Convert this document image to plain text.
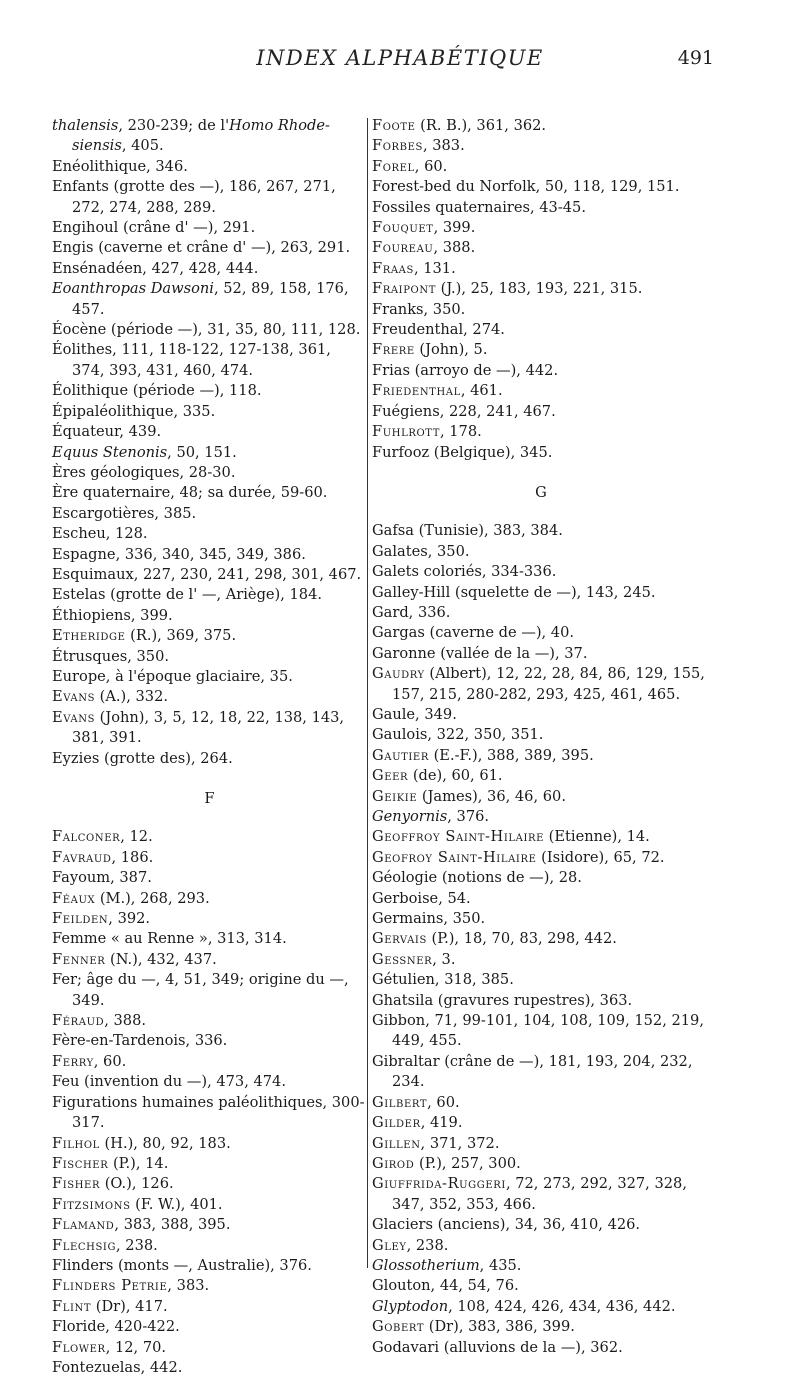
INDEX ALPHABÉTIQUE	491
thalensis, 230-239; de l'Homo Rhode-siensis, 405.
Enéolithique, 346.
Enfants (grotte des —), 186, 267, 271, 272, 274, 288, 289.
Engihoul (crâne d' —), 291.
Engis (caverne et crâne d' —), 263, 291.
Ensénadéen, 427, 428, 444.
Eoanthropas Dawsoni, 52, 89, 158, 176, 457.
Éocène (période —), 31, 35, 80, 111, 128.
Éolithes, 111, 118-122, 127-138, 361, 374, 393, 431, 460, 474.
Éolithique (période —), 118.
Épipaléolithique, 335.
Équateur, 439.
Equus Stenonis, 50, 151.
Ères géologiques, 28-30.
Ère quaternaire, 48; sa durée, 59-60.
Escargotières, 385.
Escheu, 128.
Espagne, 336, 340, 345, 349, 386.
Esquimaux, 227, 230, 241, 298, 301, 467.
Estelas (grotte de l' —, Ariège), 184.
Éthiopiens, 399.
Etheridge (R.), 369, 375.
Étrusques, 350.
Europe, à l'époque glaciaire, 35.
Evans (A.), 332.
Evans (John), 3, 5, 12, 18, 22, 138, 143, 381, 391.
Eyzies (grotte des), 264.
F
Falconer, 12.
Favraud, 186.
Fayoum, 387.
Féaux (M.), 268, 293.
Feilden, 392.
Femme « au Renne », 313, 314.
Fenner (N.), 432, 437.
Fer; âge du —, 4, 51, 349; origine du —, 349.
Féraud, 388.
Fère-en-Tardenois, 336.
Ferry, 60.
Feu (invention du —), 473, 474.
Figurations humaines paléolithiques, 300-317.
Filhol (H.), 80, 92, 183.
Fischer (P.), 14.
Fisher (O.), 126.
Fitzsimons (F. W.), 401.
Flamand, 383, 388, 395.
Flechsig, 238.
Flinders (monts —, Australie), 376.
Flinders Petrie, 383.
Flint (Dr), 417.
Floride, 420-422.
Flower, 12, 70.
Fontezuelas, 442.
Foote (R. B.), 361, 362.
Forbes, 383.
Forel, 60.
Forest-bed du Norfolk, 50, 118, 129, 151.
Fossiles quaternaires, 43-45.
Fouquet, 399.
Foureau, 388.
Fraas, 131.
Fraipont (J.), 25, 183, 193, 221, 315.
Franks, 350.
Freudenthal, 274.
Frere (John), 5.
Frias (arroyo de —), 442.
Friedenthal, 461.
Fuégiens, 228, 241, 467.
Fuhlrott, 178.
Furfooz (Belgique), 345.
G
Gafsa (Tunisie), 383, 384.
Galates, 350.
Galets coloriés, 334-336.
Galley-Hill (squelette de —), 143, 245.
Gard, 336.
Gargas (caverne de —), 40.
Garonne (vallée de la —), 37.
Gaudry (Albert), 12, 22, 28, 84, 86, 129, 155, 157, 215, 280-282, 293, 425, 461, 465.
Gaule, 349.
Gaulois, 322, 350, 351.
Gautier (E.-F.), 388, 389, 395.
Geer (de), 60, 61.
Geikie (James), 36, 46, 60.
Genyornis, 376.
Geoffroy Saint-Hilaire (Etienne), 14.
Geofroy Saint-Hilaire (Isidore), 65, 72.
Géologie (notions de —), 28.
Gerboise, 54.
Germains, 350.
Gervais (P.), 18, 70, 83, 298, 442.
Gessner, 3.
Gétulien, 318, 385.
Ghatsila (gravures rupestres), 363.
Gibbon, 71, 99-101, 104, 108, 109, 152, 219, 449, 455.
Gibraltar (crâne de —), 181, 193, 204, 232, 234.
Gilbert, 60.
Gilder, 419.
Gillen, 371, 372.
Girod (P.), 257, 300.
Giuffrida-Ruggeri, 72, 273, 292, 327, 328, 347, 352, 353, 466.
Glaciers (anciens), 34, 36, 410, 426.
Gley, 238.
Glossotherium, 435.
Glouton, 44, 54, 76.
Glyptodon, 108, 424, 426, 434, 436, 442.
Gobert (Dr), 383, 386, 399.
Godavari (alluvions de la —), 362.
